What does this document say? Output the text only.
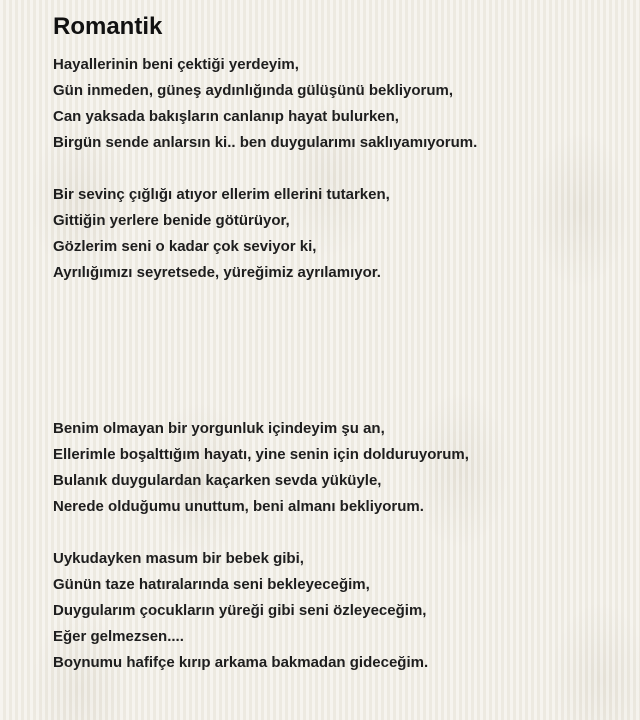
Romantik
Hayallerinin beni çektiği yerdeyim,
Gün inmeden, güneş aydınlığında gülüşünü bekliyorum,
Can yaksada bakışların canlanıp hayat bulurken,
Birgün sende anlarsın ki.. ben duygularımı saklıyamıyorum.
Bir sevinç çığlığı atıyor ellerim ellerini tutarken,
Gittiğin yerlere benide götürüyor,
Gözlerim seni o kadar çok seviyor ki,
Ayrılığımızı seyretsede, yüreğimiz ayrılamıyor.
Benim olmayan bir yorgunluk içindeyim şu an,
Ellerimle boşalttığım hayatı, yine senin için dolduruyorum,
Bulanık duygulardan kaçarken sevda yüküyle,
Nerede olduğumu unuttum, beni almanı bekliyorum.
Uykudayken masum bir bebek gibi,
Günün taze hatıralarında seni bekleyeceğim,
Duygularım çocukların yüreği gibi seni özleyeceğim,
Eğer gelmezsen....
Boynumu hafifçe kırıp arkama bakmadan gideceğim.
